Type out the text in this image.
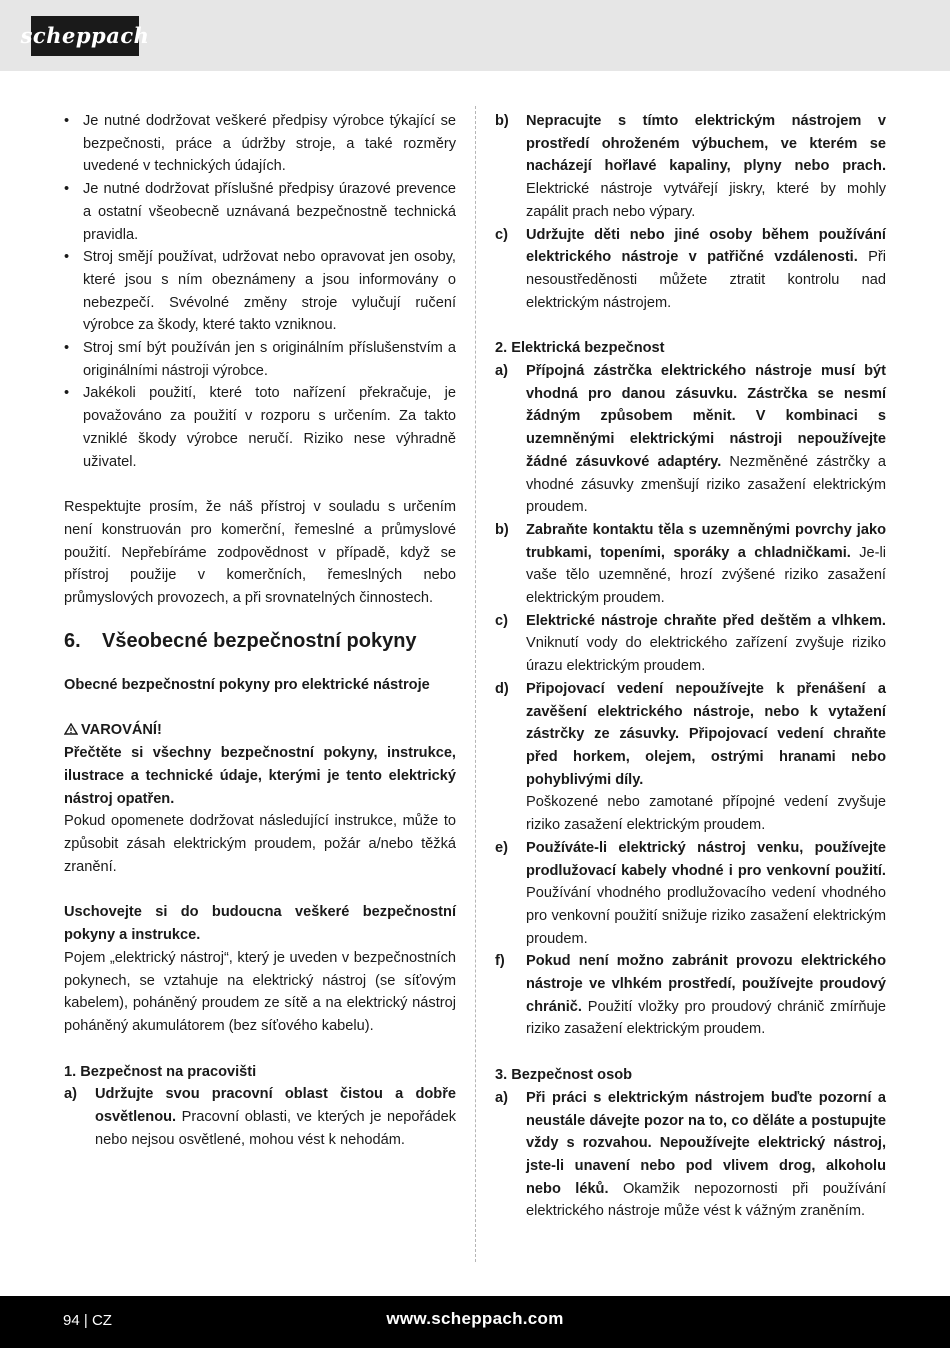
scheppach
• Je nutné dodržovat veškeré předpisy výrobce týkající se bezpečnosti, práce a údržby stroje, a také rozměry uvedené v technických údajích.
• Je nutné dodržovat příslušné předpisy úrazové prevence a ostatní všeobecně uznávaná bezpečnostně technická pravidla.
• Stroj smějí používat, udržovat nebo opravovat jen osoby, které jsou s ním obeznámeny a jsou informovány o nebezpečí. Svévolné změny stroje vylučují ručení výrobce za škody, které takto vzniknou.
• Stroj smí být používán jen s originálním příslušenstvím a originálními nástroji výrobce.
• Jakékoli použití, které toto nařízení překračuje, je považováno za použití v rozporu s určením. Za takto vzniklé škody výrobce neručí. Riziko nese výhradně uživatel.

Respektujte prosím, že náš přístroj v souladu s určením není konstruován pro komerční, řemeslné a průmyslové použití. Nepřebíráme zodpovědnost v případě, když se přístroj použije v komerčních, řemeslných nebo průmyslových provozech, a při srovnatelných činnostech.

6. Všeobecné bezpečnostní pokyny

Obecné bezpečnostní pokyny pro elektrické nástroje

VAROVÁNÍ!

Přečtěte si všechny bezpečnostní pokyny, instrukce, ilustrace a technické údaje, kterými je tento elektrický nástroj opatřen.

Pokud opomenete dodržovat následující instrukce, může to způsobit zásah elektrickým proudem, požár a/nebo těžká zranění.

Uschovejte si do budoucna veškeré bezpečnostní pokyny a instrukce.

Pojem „elektrický nástroj“, který je uveden v bezpečnostních pokynech, se vztahuje na elektrický nástroj (se síťovým kabelem), poháněný proudem ze sítě a na elektrický nástroj poháněný akumulátorem (bez síťového kabelu).

1. Bezpečnost na pracovišti

a) Udržujte svou pracovní oblast čistou a dobře osvětlenou. Pracovní oblasti, ve kterých je nepořádek nebo nejsou osvětlené, mohou vést k nehodám.
b) Nepracujte s tímto elektrickým nástrojem v prostředí ohroženém výbuchem, ve kterém se nacházejí hořlavé kapaliny, plyny nebo prach. Elektrické nástroje vytvářejí jiskry, které by mohly zapálit prach nebo výpary.
c) Udržujte děti nebo jiné osoby během používání elektrického nástroje v patřičné vzdálenosti. Při nesoustředěnosti můžete ztratit kontrolu nad elektrickým nástrojem.

2. Elektrická bezpečnost

a) Přípojná zástrčka elektrického nástroje musí být vhodná pro danou zásuvku. Zástrčka se nesmí žádným způsobem měnit. V kombinaci s uzemněnými elektrickými nástroji nepoužívejte žádné zásuvkové adaptéry. Nezměněné zástrčky a vhodné zásuvky zmenšují riziko zasažení elektrickým proudem.
b) Zabraňte kontaktu těla s uzemněnými povrchy jako trubkami, topeními, sporáky a chladničkami. Je-li vaše tělo uzemněné, hrozí zvýšené riziko zasažení elektrickým proudem.
c) Elektrické nástroje chraňte před deštěm a vlhkem. Vniknutí vody do elektrického zařízení zvyšuje riziko úrazu elektrickým proudem.
d) Připojovací vedení nepoužívejte k přenášení a zavěšení elektrického nástroje, nebo k vytažení zástrčky ze zásuvky. Připojovací vedení chraňte před horkem, olejem, ostrými hranami nebo pohyblivými díly.
Poškozené nebo zamotané přípojné vedení zvyšuje riziko zasažení elektrickým proudem.
e) Používáte-li elektrický nástroj venku, používejte prodlužovací kabely vhodné i pro venkovní použití. Používání vhodného prodlužovacího vedení vhodného pro venkovní použití snižuje riziko zasažení elektrickým proudem.
f) Pokud není možno zabránit provozu elektrického nástroje ve vlhkém prostředí, používejte proudový chránič. Použití vložky pro proudový chránič zmírňuje riziko zasažení elektrickým proudem.

3. Bezpečnost osob

a) Při práci s elektrickým nástrojem buďte pozorní a neustále dávejte pozor na to, co děláte a postupujte vždy s rozvahou. Nepoužívejte elektrický nástroj, jste-li unavení nebo pod vlivem drog, alkoholu nebo léků. Okamžik nepozornosti při používání elektrického nástroje může vést k vážným zraněním.
94 | CZ	www.scheppach.com
